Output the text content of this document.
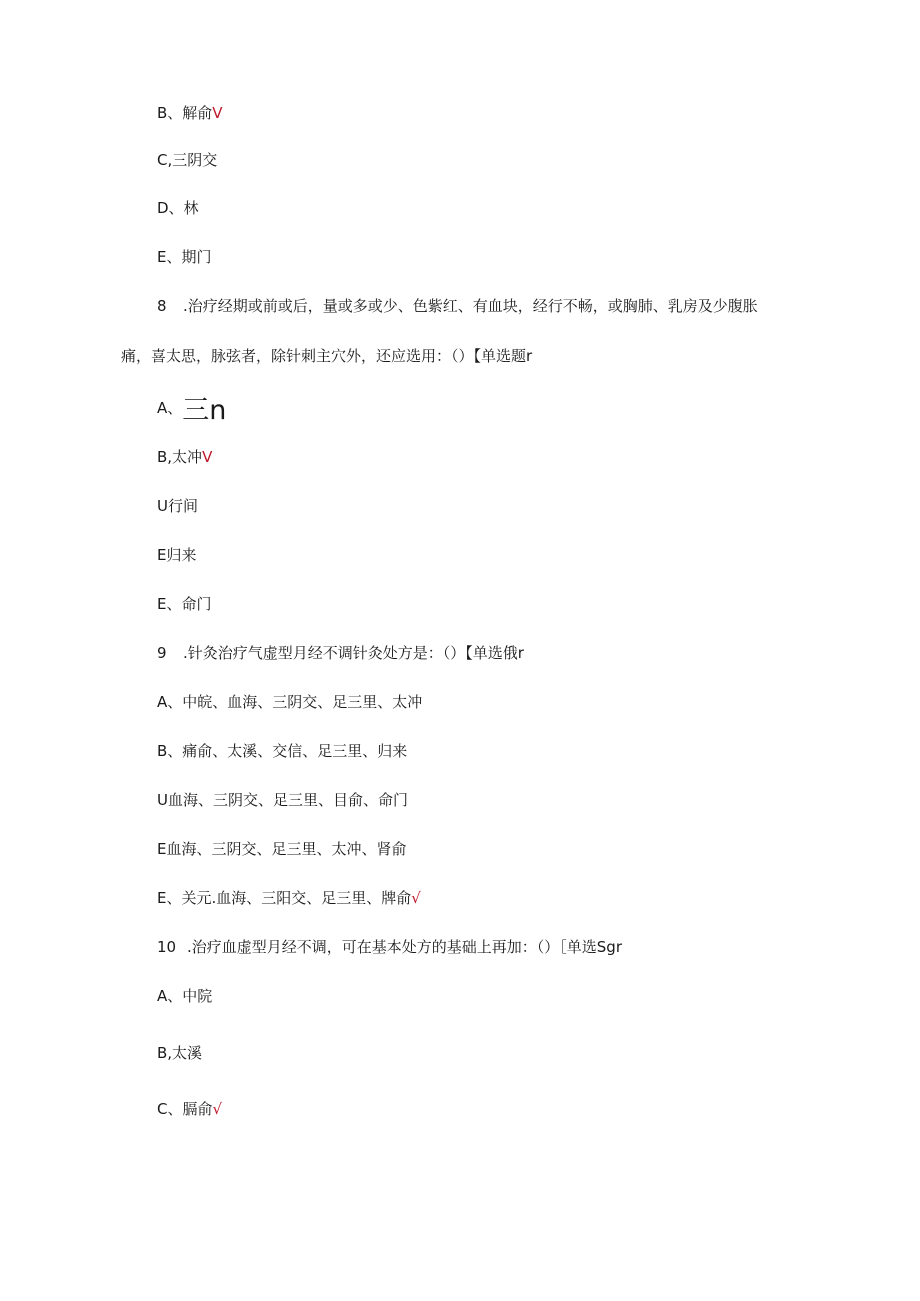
B、解俞V
C,三阴交
D、林
E、期门
8 .治疗经期或前或后，量或多或少、色紫红、有血块，经行不畅，或胸肺、乳房及少腹胀
痛，喜太思，脉弦者，除针刺主穴外，还应选用：（）【单选题r
A、三n
B,太冲V
U行间
E归来
E、命门
9 .针灸治疗气虚型月经不调针灸处方是：（）【单选俄r
A、中皖、血海、三阴交、足三里、太冲
B、痛俞、太溪、交信、足三里、归来
U血海、三阴交、足三里、目俞、命门
E血海、三阴交、足三里、太冲、肾俞
E、关元.血海、三阳交、足三里、牌俞√
10 .治疗血虚型月经不调，可在基本处方的基础上再加：（）［单选Sgr
A、中院
B,太溪
C、膈俞√
